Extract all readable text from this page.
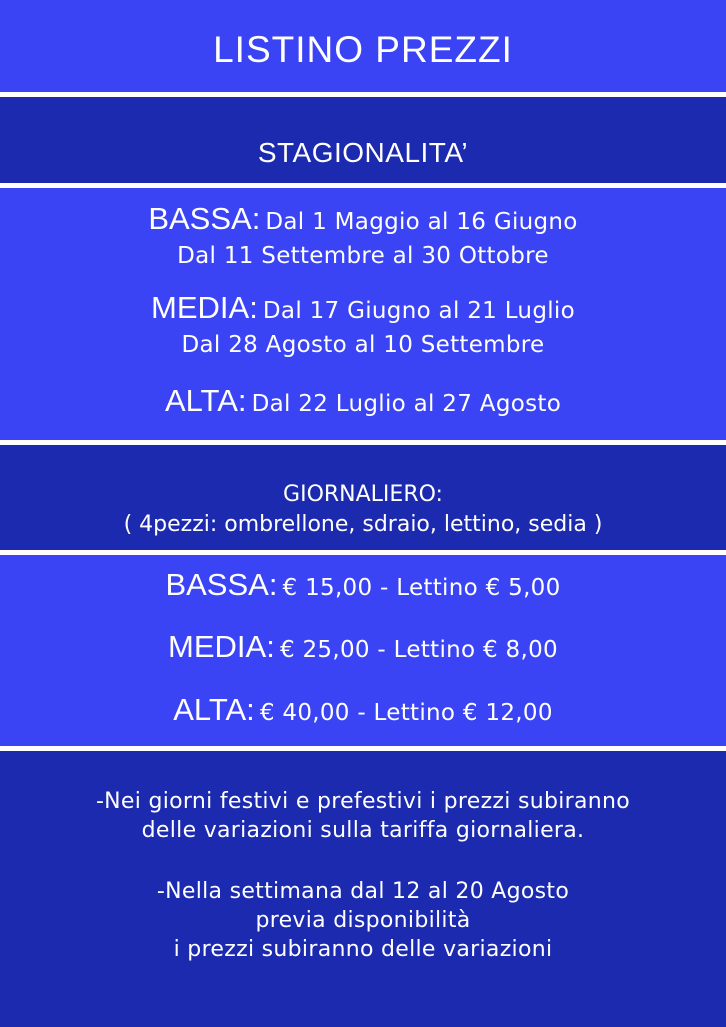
LISTINO PREZZI
STAGIONALITA’
BASSA: Dal 1 Maggio al 16 Giugno
Dal 11 Settembre al 30 Ottobre
MEDIA: Dal 17 Giugno al 21 Luglio
Dal 28 Agosto al 10 Settembre
ALTA: Dal 22 Luglio al 27 Agosto
GIORNALIERO:
( 4pezzi: ombrellone, sdraio, lettino, sedia )
BASSA: € 15,00 - Lettino € 5,00
MEDIA: € 25,00 - Lettino € 8,00
ALTA: € 40,00 - Lettino € 12,00
-Nei giorni festivi e prefestivi i prezzi subiranno
delle variazioni sulla tariffa giornaliera.
-Nella settimana dal 12 al 20 Agosto
previa disponibilità
i prezzi subiranno delle variazioni
